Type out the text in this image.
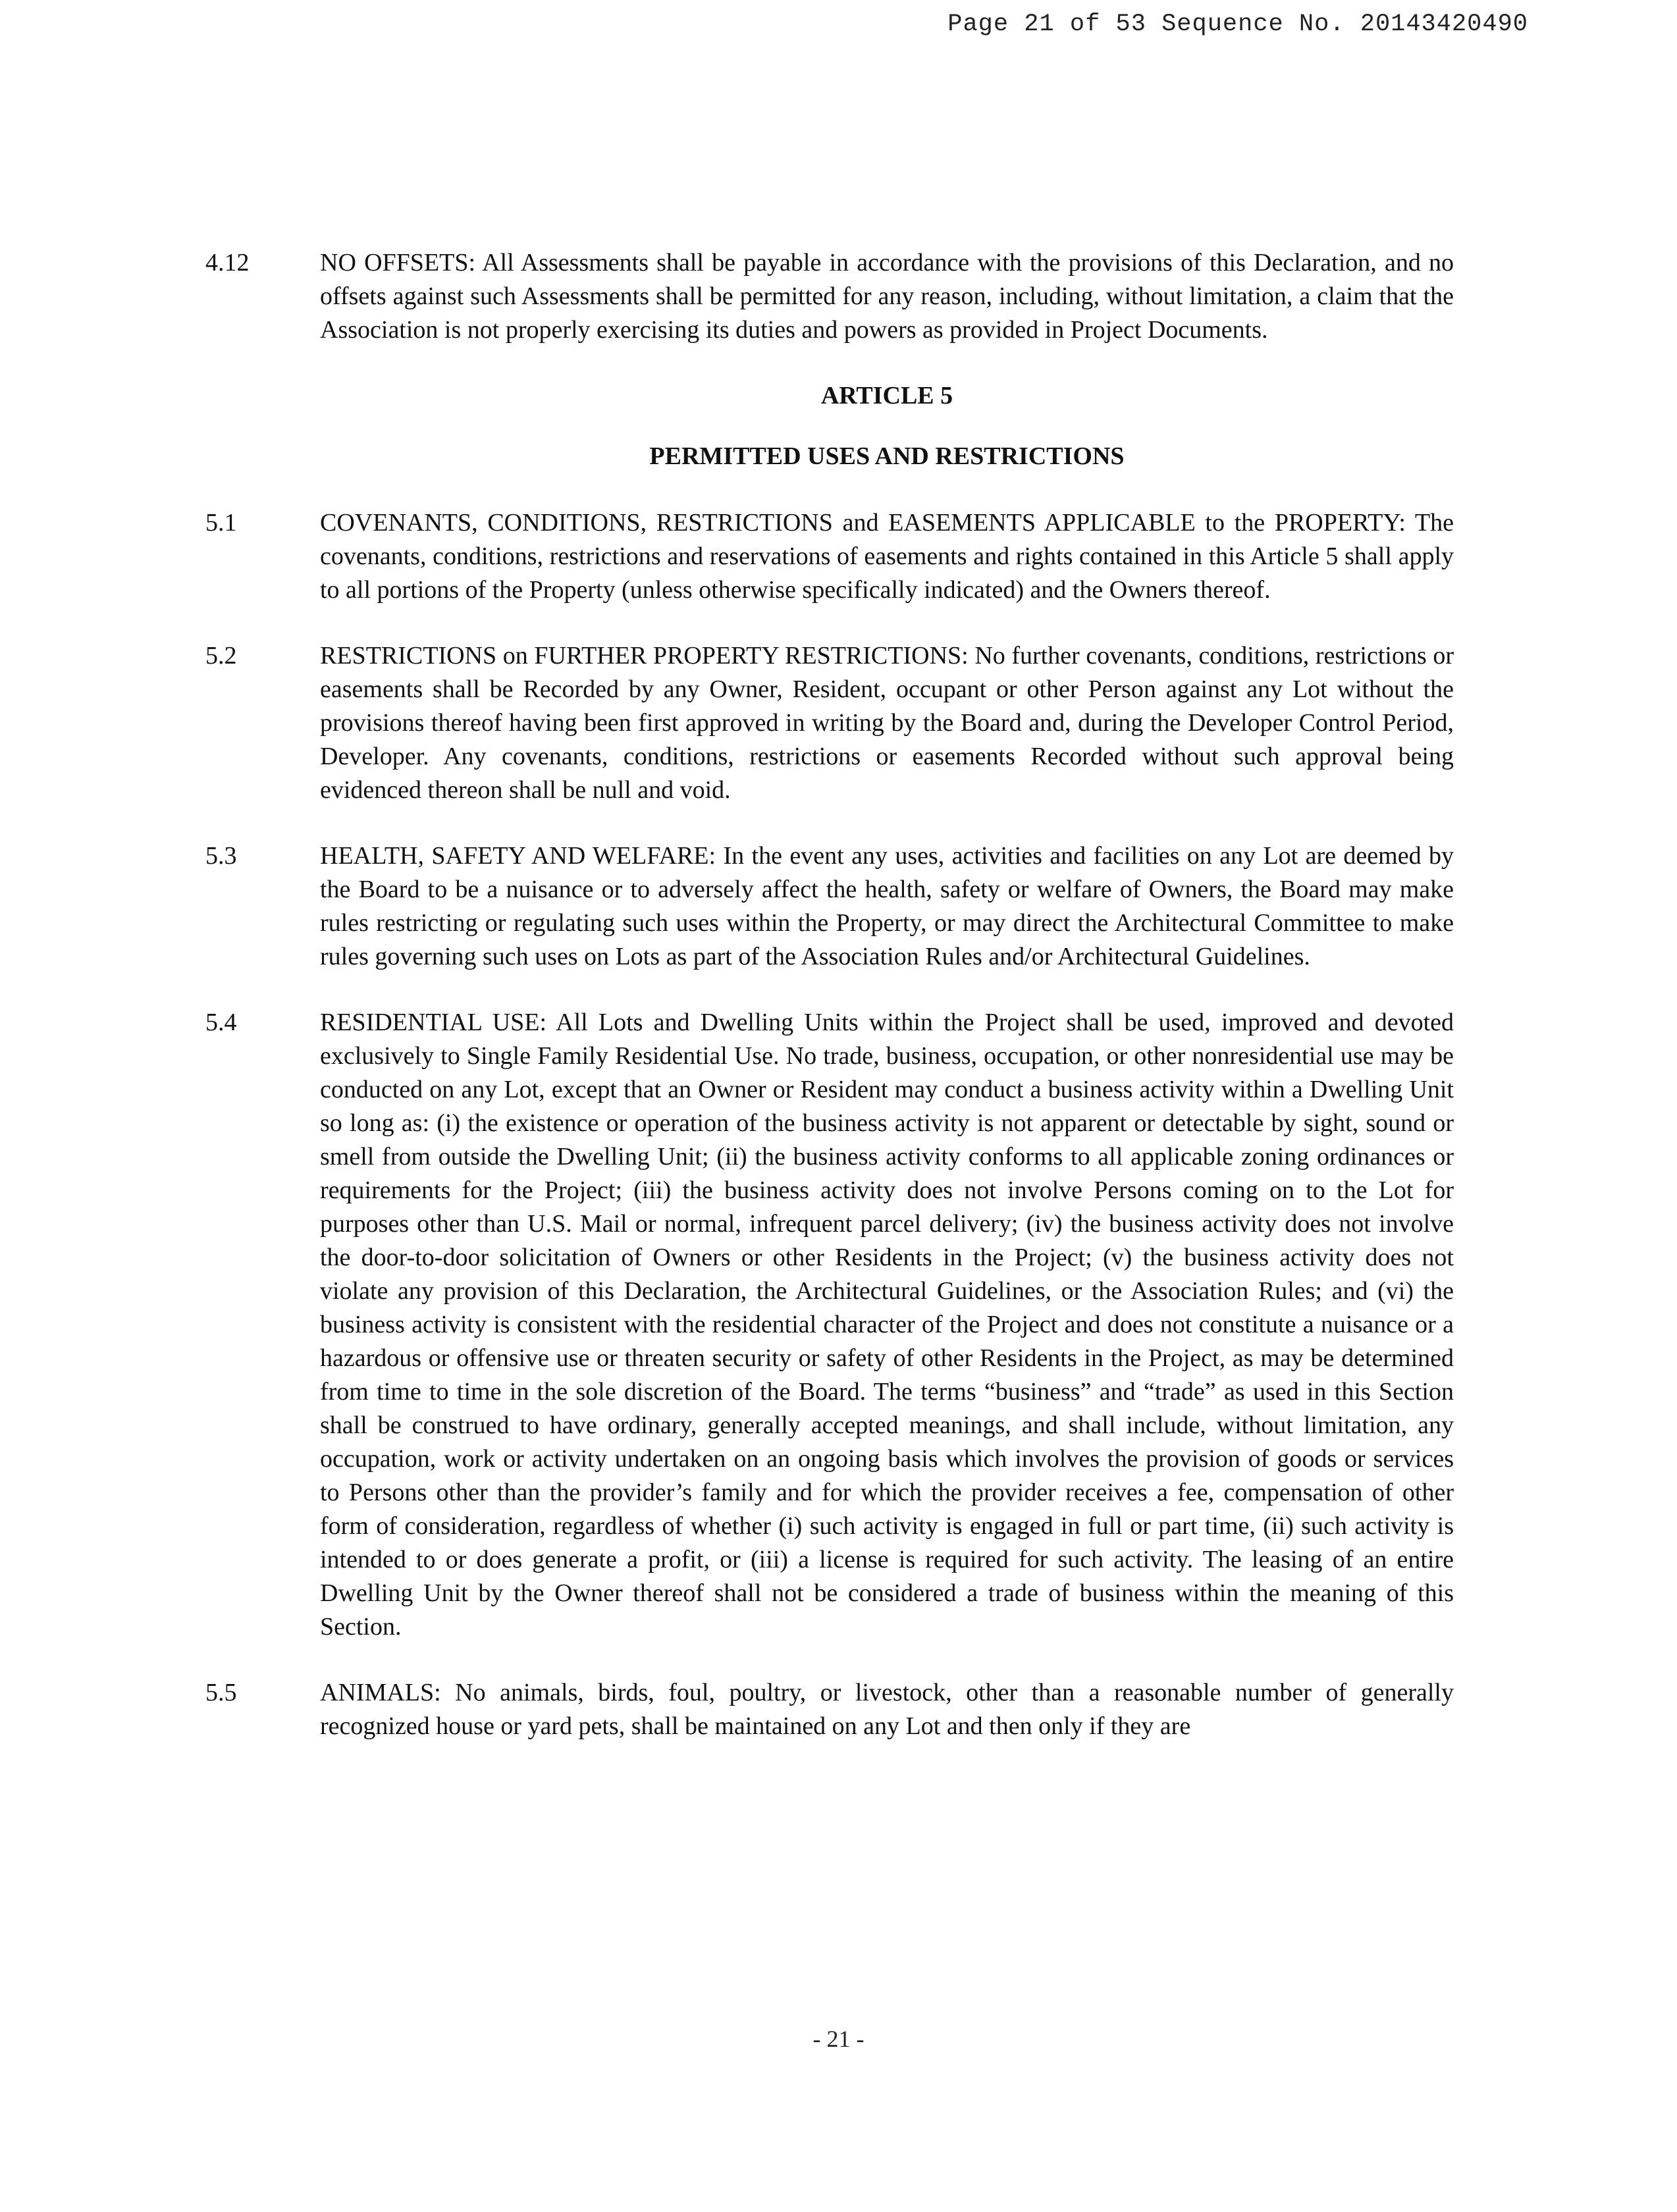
Page 21 of 53 Sequence No. 20143420490
4.12	NO OFFSETS: All Assessments shall be payable in accordance with the provisions of this Declaration, and no offsets against such Assessments shall be permitted for any reason, including, without limitation, a claim that the Association is not properly exercising its duties and powers as provided in Project Documents.
ARTICLE 5
PERMITTED USES AND RESTRICTIONS
5.1	COVENANTS, CONDITIONS, RESTRICTIONS and EASEMENTS APPLICABLE to the PROPERTY: The covenants, conditions, restrictions and reservations of easements and rights contained in this Article 5 shall apply to all portions of the Property (unless otherwise specifically indicated) and the Owners thereof.
5.2	RESTRICTIONS on FURTHER PROPERTY RESTRICTIONS: No further covenants, conditions, restrictions or easements shall be Recorded by any Owner, Resident, occupant or other Person against any Lot without the provisions thereof having been first approved in writing by the Board and, during the Developer Control Period, Developer. Any covenants, conditions, restrictions or easements Recorded without such approval being evidenced thereon shall be null and void.
5.3	HEALTH, SAFETY AND WELFARE: In the event any uses, activities and facilities on any Lot are deemed by the Board to be a nuisance or to adversely affect the health, safety or welfare of Owners, the Board may make rules restricting or regulating such uses within the Property, or may direct the Architectural Committee to make rules governing such uses on Lots as part of the Association Rules and/or Architectural Guidelines.
5.4	RESIDENTIAL USE: All Lots and Dwelling Units within the Project shall be used, improved and devoted exclusively to Single Family Residential Use. No trade, business, occupation, or other nonresidential use may be conducted on any Lot, except that an Owner or Resident may conduct a business activity within a Dwelling Unit so long as: (i) the existence or operation of the business activity is not apparent or detectable by sight, sound or smell from outside the Dwelling Unit; (ii) the business activity conforms to all applicable zoning ordinances or requirements for the Project; (iii) the business activity does not involve Persons coming on to the Lot for purposes other than U.S. Mail or normal, infrequent parcel delivery; (iv) the business activity does not involve the door-to-door solicitation of Owners or other Residents in the Project; (v) the business activity does not violate any provision of this Declaration, the Architectural Guidelines, or the Association Rules; and (vi) the business activity is consistent with the residential character of the Project and does not constitute a nuisance or a hazardous or offensive use or threaten security or safety of other Residents in the Project, as may be determined from time to time in the sole discretion of the Board. The terms “business” and “trade” as used in this Section shall be construed to have ordinary, generally accepted meanings, and shall include, without limitation, any occupation, work or activity undertaken on an ongoing basis which involves the provision of goods or services to Persons other than the provider’s family and for which the provider receives a fee, compensation of other form of consideration, regardless of whether (i) such activity is engaged in full or part time, (ii) such activity is intended to or does generate a profit, or (iii) a license is required for such activity. The leasing of an entire Dwelling Unit by the Owner thereof shall not be considered a trade of business within the meaning of this Section.
5.5	ANIMALS: No animals, birds, foul, poultry, or livestock, other than a reasonable number of generally recognized house or yard pets, shall be maintained on any Lot and then only if they are
- 21 -
